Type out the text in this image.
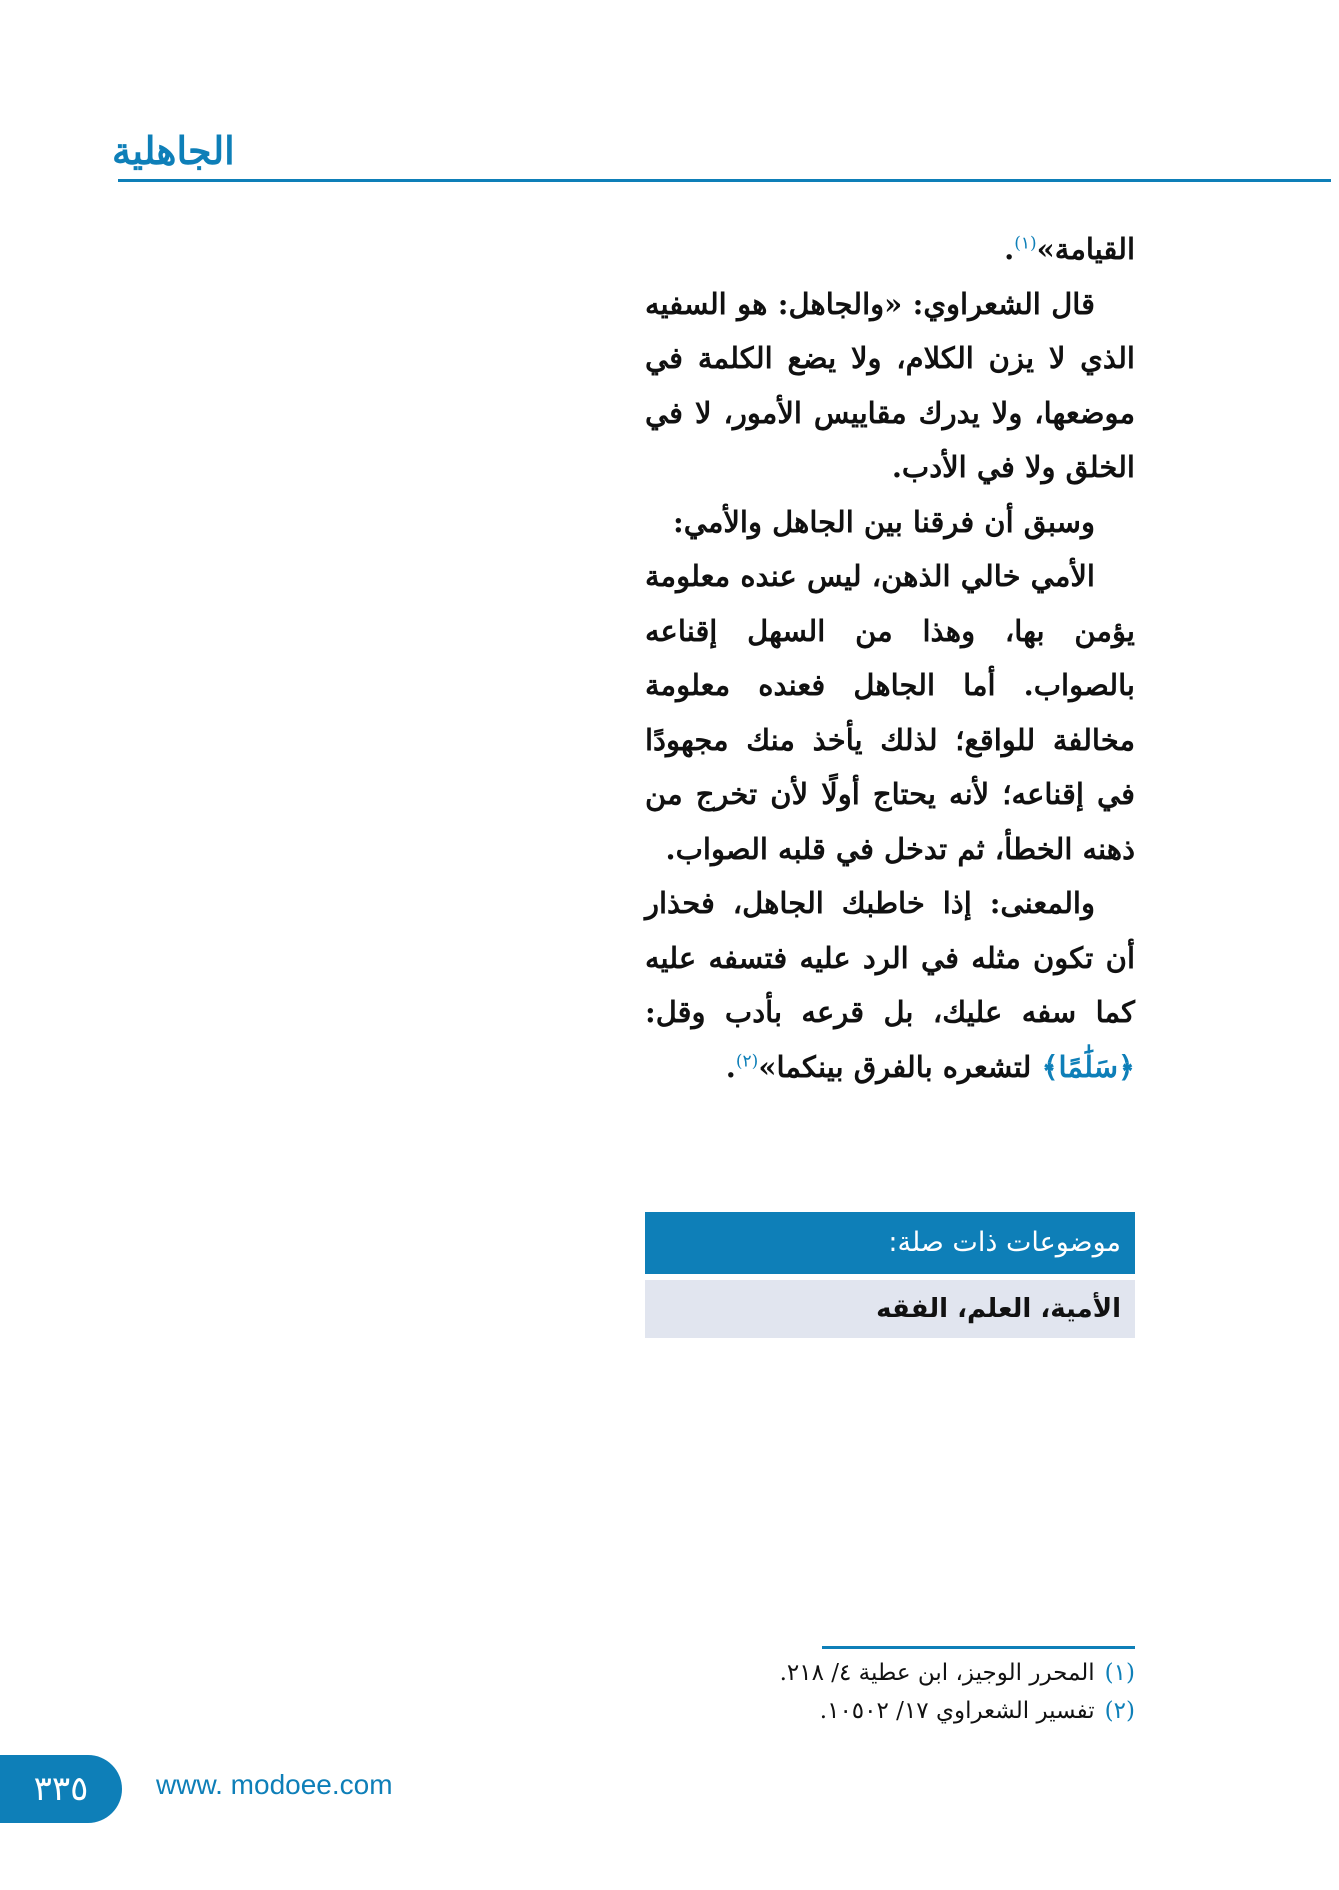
الجاهلية

القيامة»$^{(١)}$.

قال الشعراوي: «والجاهل: هو السفيه الذي لا يزن الكلام، ولا يضع الكلمة في موضعها، ولا يدرك مقاييس الأمور، لا في الخلق ولا في الأدب.

وسبق أن فرقنا بين الجاهل والأمي:

الأمي خالي الذهن، ليس عنده معلومة يؤمن بها، وهذا من السهل إقناعه بالصواب. أما الجاهل فعنده معلومة مخالفة للواقع؛ لذلك يأخذ منك مجهودًا في إقناعه؛ لأنه يحتاج أولًا لأن تخرج من ذهنه الخطأ، ثم تدخل في قلبه الصواب.

والمعنى: إذا خاطبك الجاهل، فحذار أن تكون مثله في الرد عليه فتسفه عليه كما سفه عليك، بل قرعه بأدب وقل: ﴿سَلَٰمًا﴾ لتشعره بالفرق بينكما»$^{(٢)}$.

موضوعات ذات صلة:
الأمية، العلم، الفقه
(١)المحرر الوجيز، ابن عطية ٤/ ٢١٨.
(٢)تفسير الشعراوي ١٧/ ١٠٥٠٢.
٣٣٥	www. modoee.com
